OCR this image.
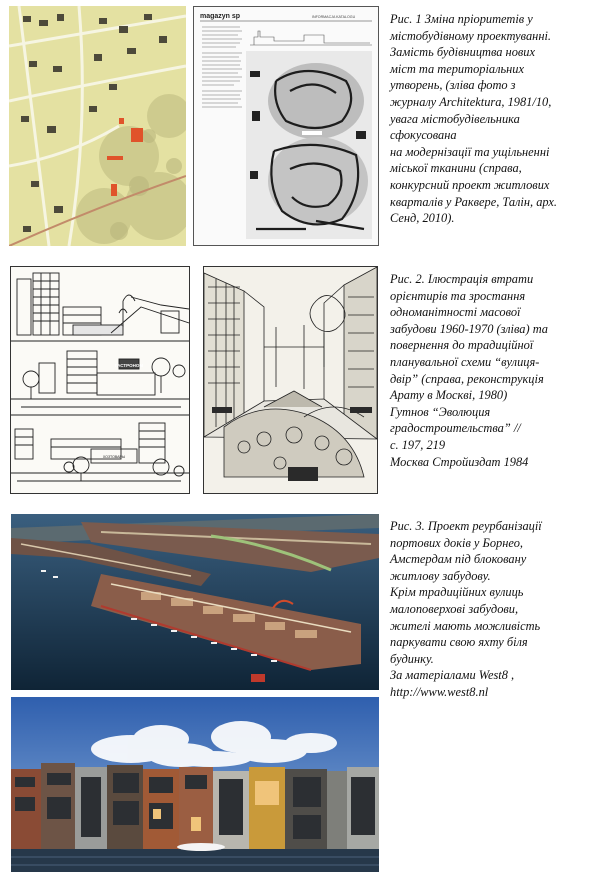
magazyn sp	INFORMACJA KATALOGU	Рис. 1 Зміна пріоритетів у

містобудівному проектуванні.

Замість будівництва нових

міст та територіальних

утворень, (зліва фото з

журналу Architektura, 1981/10,

увага містобудівельника

сфокусована

на модернізації та ущільненні

міської тканини (справа,

конкурсний проект житлових

кварталів у Раквере, Талін, арх.

Сенд, 2010).

ГАСТРОНОМ
ХОЗТОВАРЫ

Рис. 2. Ілюстрація втрати

орієнтирів та зростання

одноманітності масової

забудови 1960-1970 (зліва) та

повернення до традиційної

планувальної схеми “вулиця-

двір” (справа, реконструкція

Арату в Москві, 1980)

Гутнов “Эволюция

градостроительства” //

с. 197, 219

Москва Стройиздат 1984

Рис. 3. Проект реурбанізації

портових доків у Борнео,

Амстердам під блоковану

житлову забудову.

Крім традиційних вулиць

малоповерхові забудови,

жителі мають можливість

паркувати свою яхту біля

будинку.

За матеріалами West8 ,

http://www.west8.nl
